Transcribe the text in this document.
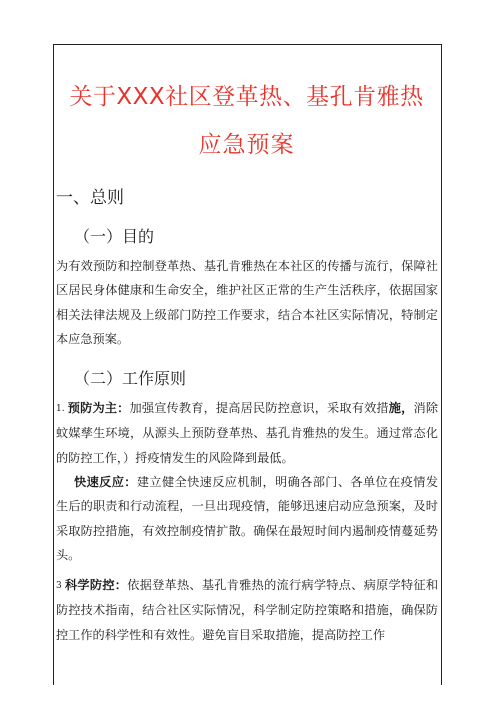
关于XXX社区登革热、基孔肯雅热
应急预案
一、总则
（一）目的
为有效预防和控制登革热、基孔肯雅热在本社区的传播与流行，保障社区居民身体健康和生命安全，维护社区正常的生产生活秩序，依据国家相关法律法规及上级部门防控工作要求，结合本社区实际情况，特制定本应急预案。
（二）工作原则
1. 预防为主：加强宣传教育，提高居民防控意识，采取有效措施，消除蚊媒孳生环境，从源头上预防登革热、基孔肯雅热的发生。通过常态化的防控工作，）捋疫情发生的风险降到最低。
快速反应：建立健全快速反应机制，明确各部门、各单位在疫情发生后的职责和行动流程，一旦出现疫情，能够迅速启动应急预案，及时采取防控措施，有效控制疫情扩散。确保在最短时间内遏制疫情蔓延势头。
3 科学防控：依据登革热、基孔肯雅热的流行病学特点、病原学特征和防控技术指南，结合社区实际情况，科学制定防控策略和措施，确保防控工作的科学性和有效性。避免盲目采取措施，提高防控工作
